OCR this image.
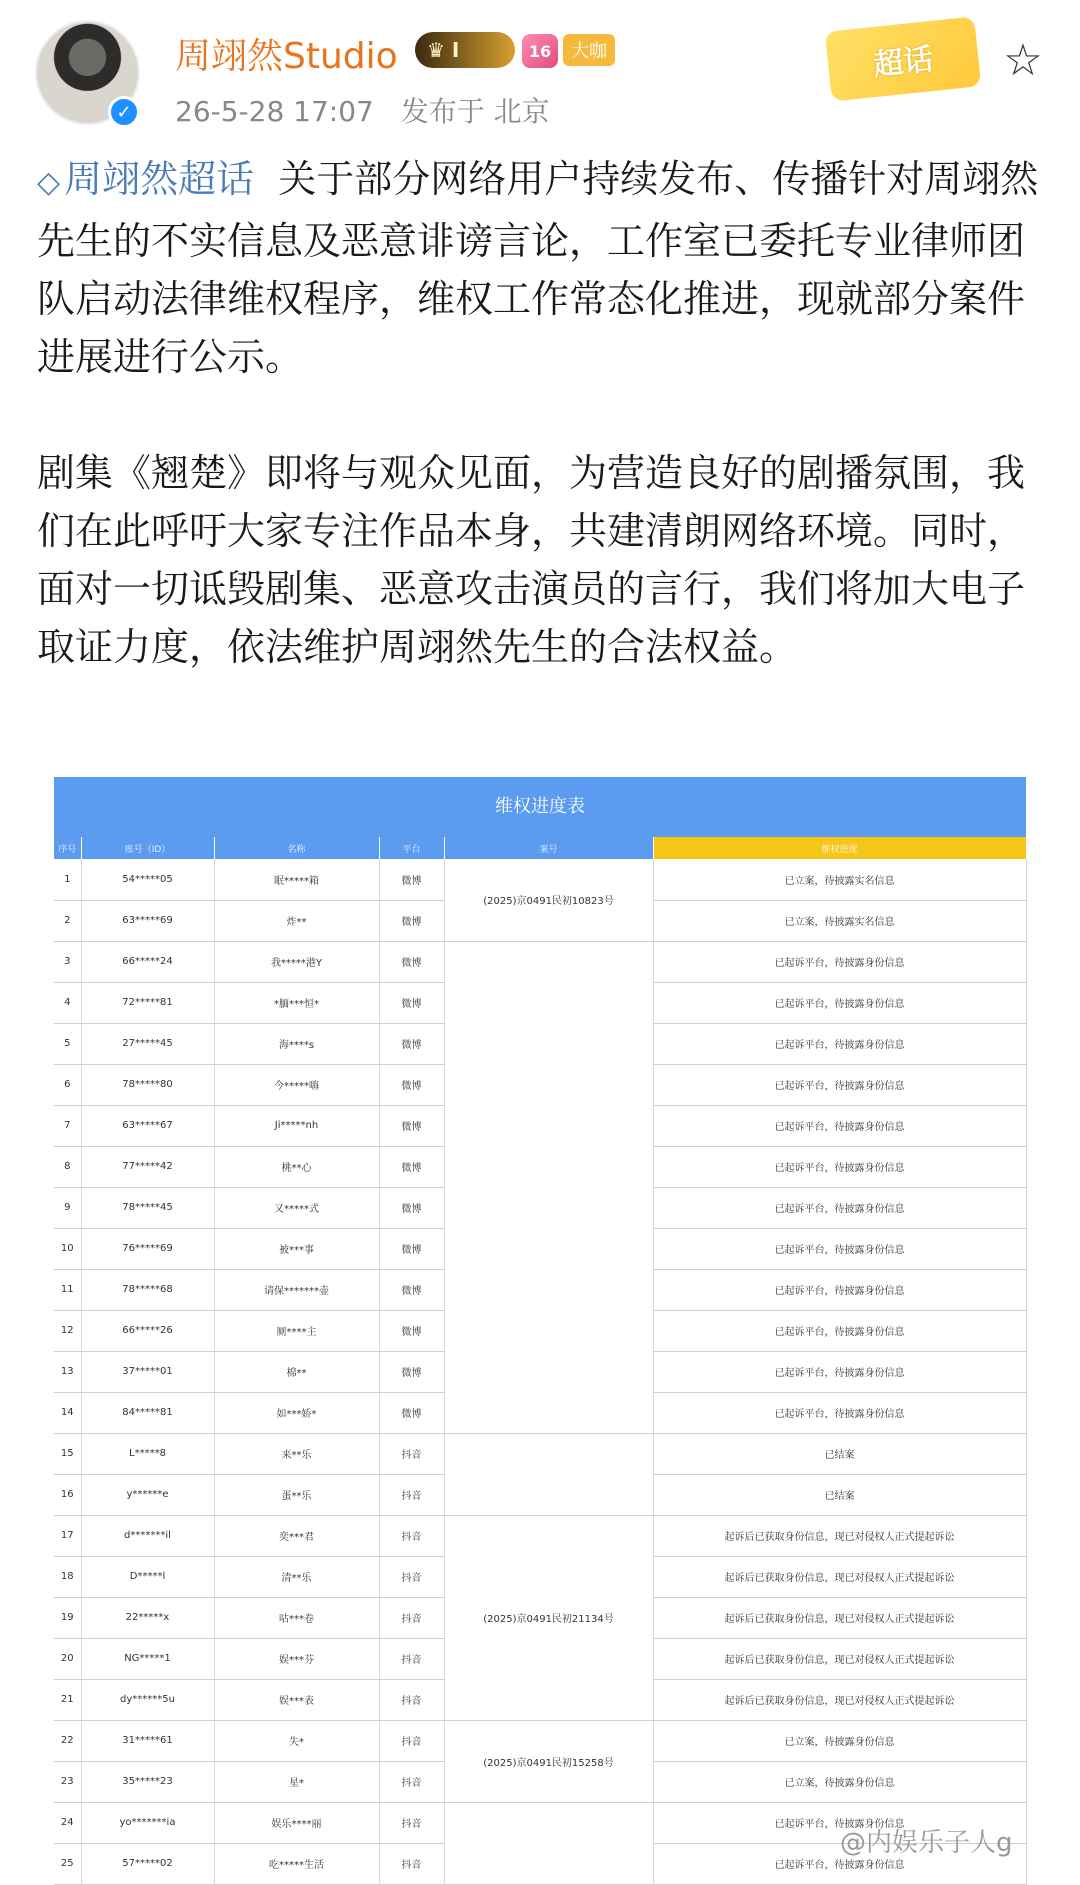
✓
周翊然Studio	♛ I	16	大咖
26-5-28 17:07 发布于 北京
超话	☆

◇ 周翊然超话 关于部分网络用户持续发布、传播针对周翊然先生的不实信息及恶意诽谤言论，工作室已委托专业律师团队启动法律维权程序，维权工作常态化推进，现就部分案件进展进行公示。

剧集《翘楚》即将与观众见面，为营造良好的剧播氛围，我们在此呼吁大家专注作品本身，共建清朗网络环境。同时，面对一切诋毁剧集、恶意攻击演员的言行，我们将加大电子取证力度，依法维护周翊然先生的合法权益。

维权进度表
序号	账号（ID）	名称	平台	案号	维权进度
1	54*****05	眠*****箱	微博	(2025)京0491民初10823号	已立案，待披露实名信息
2	63*****69	炸**	微博		已立案，待披露实名信息
3	66*****24	我*****港Y	微博		已起诉平台，待披露身份信息
4	72*****81	*腼***恒*	微博		已起诉平台，待披露身份信息
5	27*****45	海****s	微博		已起诉平台，待披露身份信息
6	78*****80	今*****嗨	微博		已起诉平台，待披露身份信息
7	63*****67	Ji*****nh	微博		已起诉平台，待披露身份信息
8	77*****42	桃**心	微博		已起诉平台，待披露身份信息
9	78*****45	又*****式	微博		已起诉平台，待披露身份信息
10	76*****69	被***事	微博		已起诉平台，待披露身份信息
11	78*****68	请保*******壶	微博		已起诉平台，待披露身份信息
12	66*****26	厕****主	微博		已起诉平台，待披露身份信息
13	37*****01	棉**	微博		已起诉平台，待披露身份信息
14	84*****81	如***娇*	微博		已起诉平台，待披露身份信息
15	L*****8	来**乐	抖音		已结案
16	y******e	蛋**乐	抖音		已结案
17	d*******il	奕***君	抖音	(2025)京0491民初21134号	起诉后已获取身份信息，现已对侵权人正式提起诉讼
18	D*****l	清**乐	抖音		起诉后已获取身份信息，现已对侵权人正式提起诉讼
19	22*****x	咕***卷	抖音		起诉后已获取身份信息，现已对侵权人正式提起诉讼
20	NG*****1	娱***芬	抖音		起诉后已获取身份信息，现已对侵权人正式提起诉讼
21	dy******5u	娱***表	抖音		起诉后已获取身份信息，现已对侵权人正式提起诉讼
22	31*****61	失*	抖音	(2025)京0491民初15258号	已立案，待披露身份信息
23	35*****23	星*	抖音		已立案，待披露身份信息
24	yo*******ia	娱乐****丽	抖音		已起诉平台，待披露身份信息
25	57*****02	吃*****生活	抖音		已起诉平台，待披露身份信息
@内娱乐子人g
